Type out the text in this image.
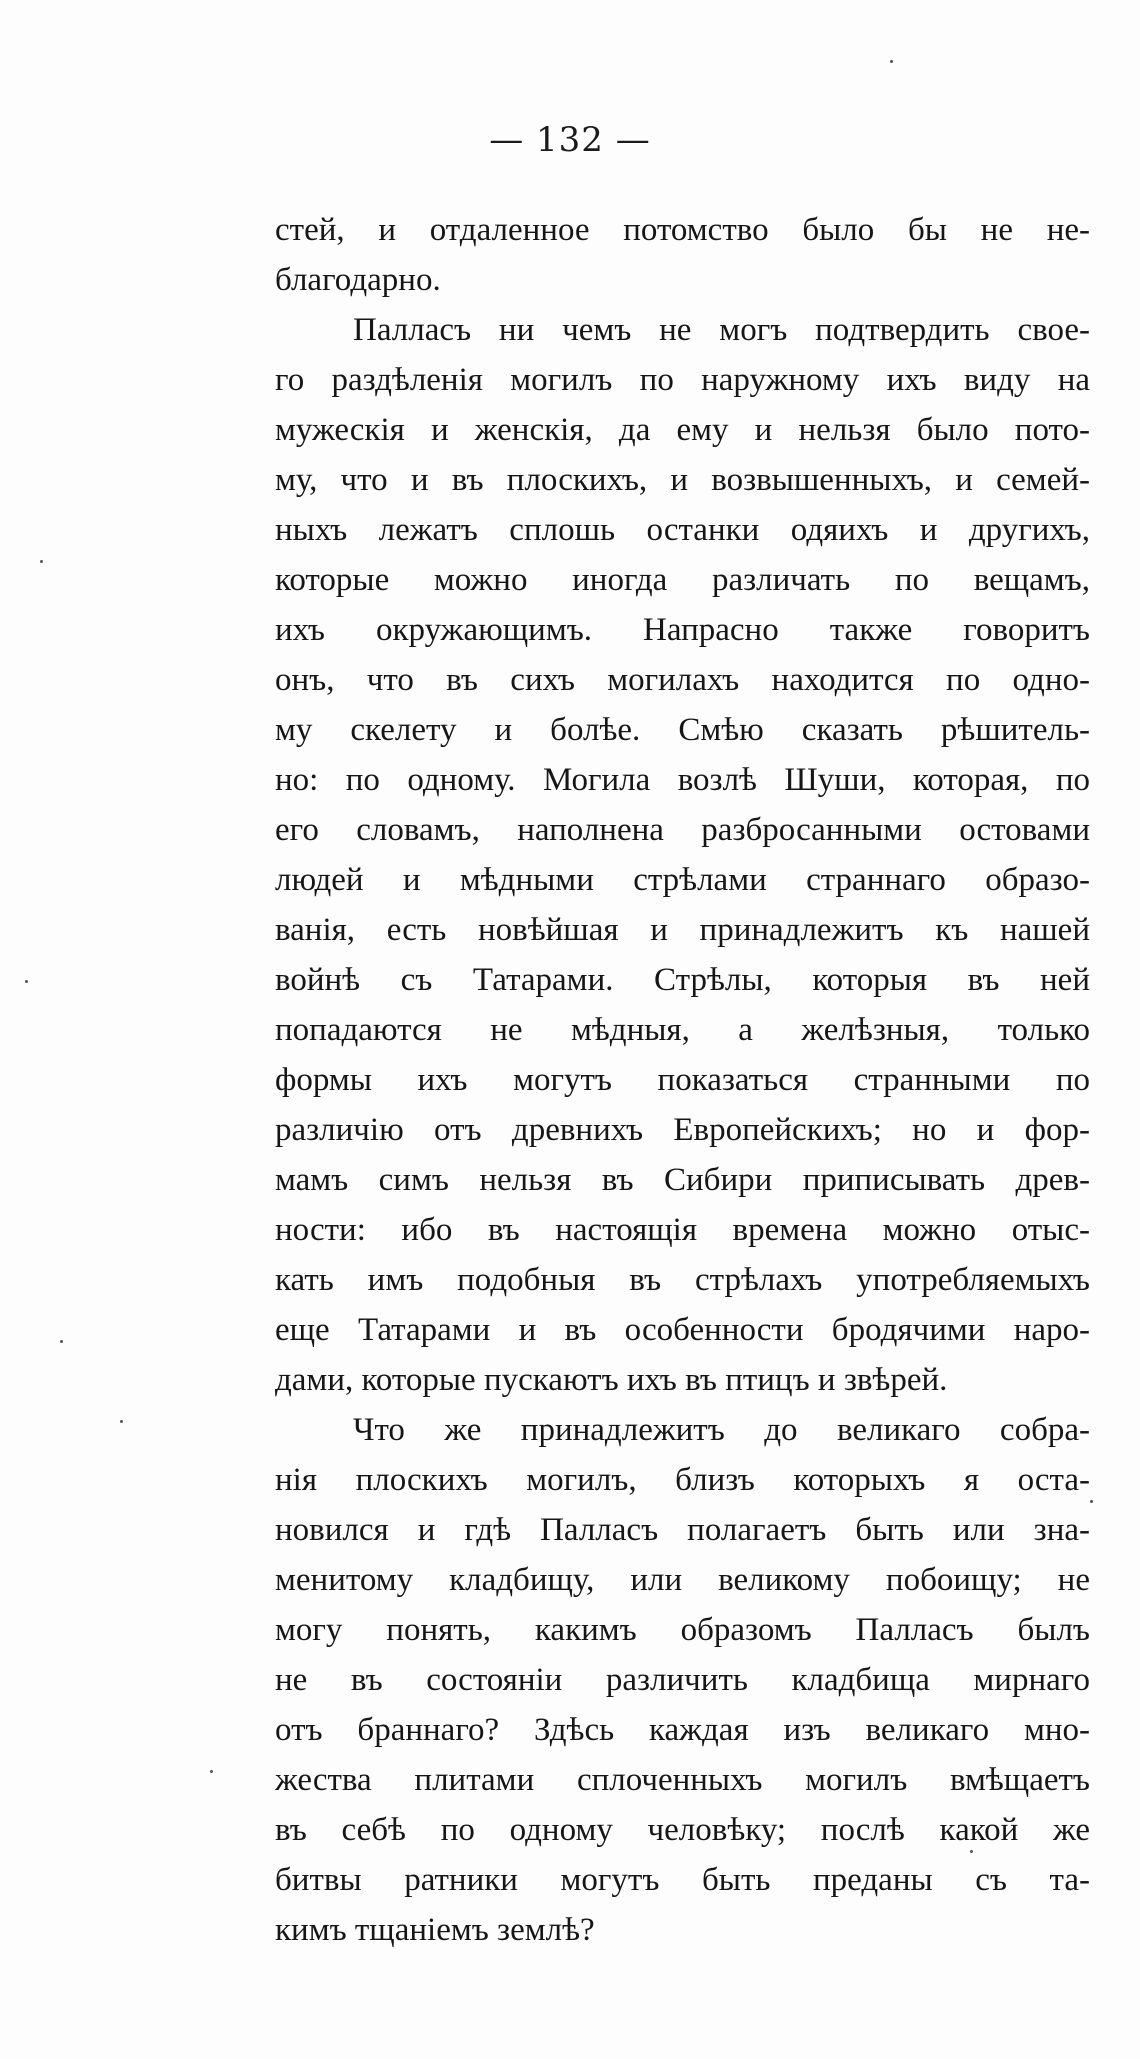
— 132 —
стей, и отдаленное потомство было бы не не-
благодарно.
Палласъ ни чемъ не могъ подтвердить свое-
го раздѣленія могилъ по наружному ихъ виду на
мужескія и женскія, да ему и нельзя было пото-
му, что и въ плоскихъ, и возвышенныхъ, и семей-
ныхъ лежатъ сплошь останки одяихъ и другихъ,
которые можно иногда различать по вещамъ,
ихъ окружающимъ. Напрасно также говоритъ
онъ, что въ сихъ могилахъ находится по одно-
му скелету и болѣе. Смѣю сказать рѣшитель-
но: по одному. Могила возлѣ Шуши, которая, по
его словамъ, наполнена разбросанными остовами
людей и мѣдными стрѣлами страннаго образо-
ванія, есть новѣйшая и принадлежитъ къ нашей
войнѣ съ Татарами. Стрѣлы, которыя въ ней
попадаются не мѣдныя, а желѣзныя, только
формы ихъ могутъ показаться странными по
различію отъ древнихъ Европейскихъ; но и фор-
мамъ симъ нельзя въ Сибири приписывать древ-
ности: ибо въ настоящія времена можно отыс-
кать имъ подобныя въ стрѣлахъ употребляемыхъ
еще Татарами и въ особенности бродячими наро-
дами, которые пускаютъ ихъ въ птицъ и звѣрей.
Что же принадлежитъ до великаго собра-
нія плоскихъ могилъ, близъ которыхъ я оста-
новился и гдѣ Палласъ полагаетъ быть или зна-
менитому кладбищу, или великому побоищу; не
могу понять, какимъ образомъ Палласъ былъ
не въ состояніи различить кладбища мирнаго
отъ браннаго? Здѣсь каждая изъ великаго мно-
жества плитами сплоченныхъ могилъ вмѣщаетъ
въ себѣ по одному человѣку; послѣ какой же
битвы ратники могутъ быть преданы съ та-
кимъ тщаніемъ землѣ?
